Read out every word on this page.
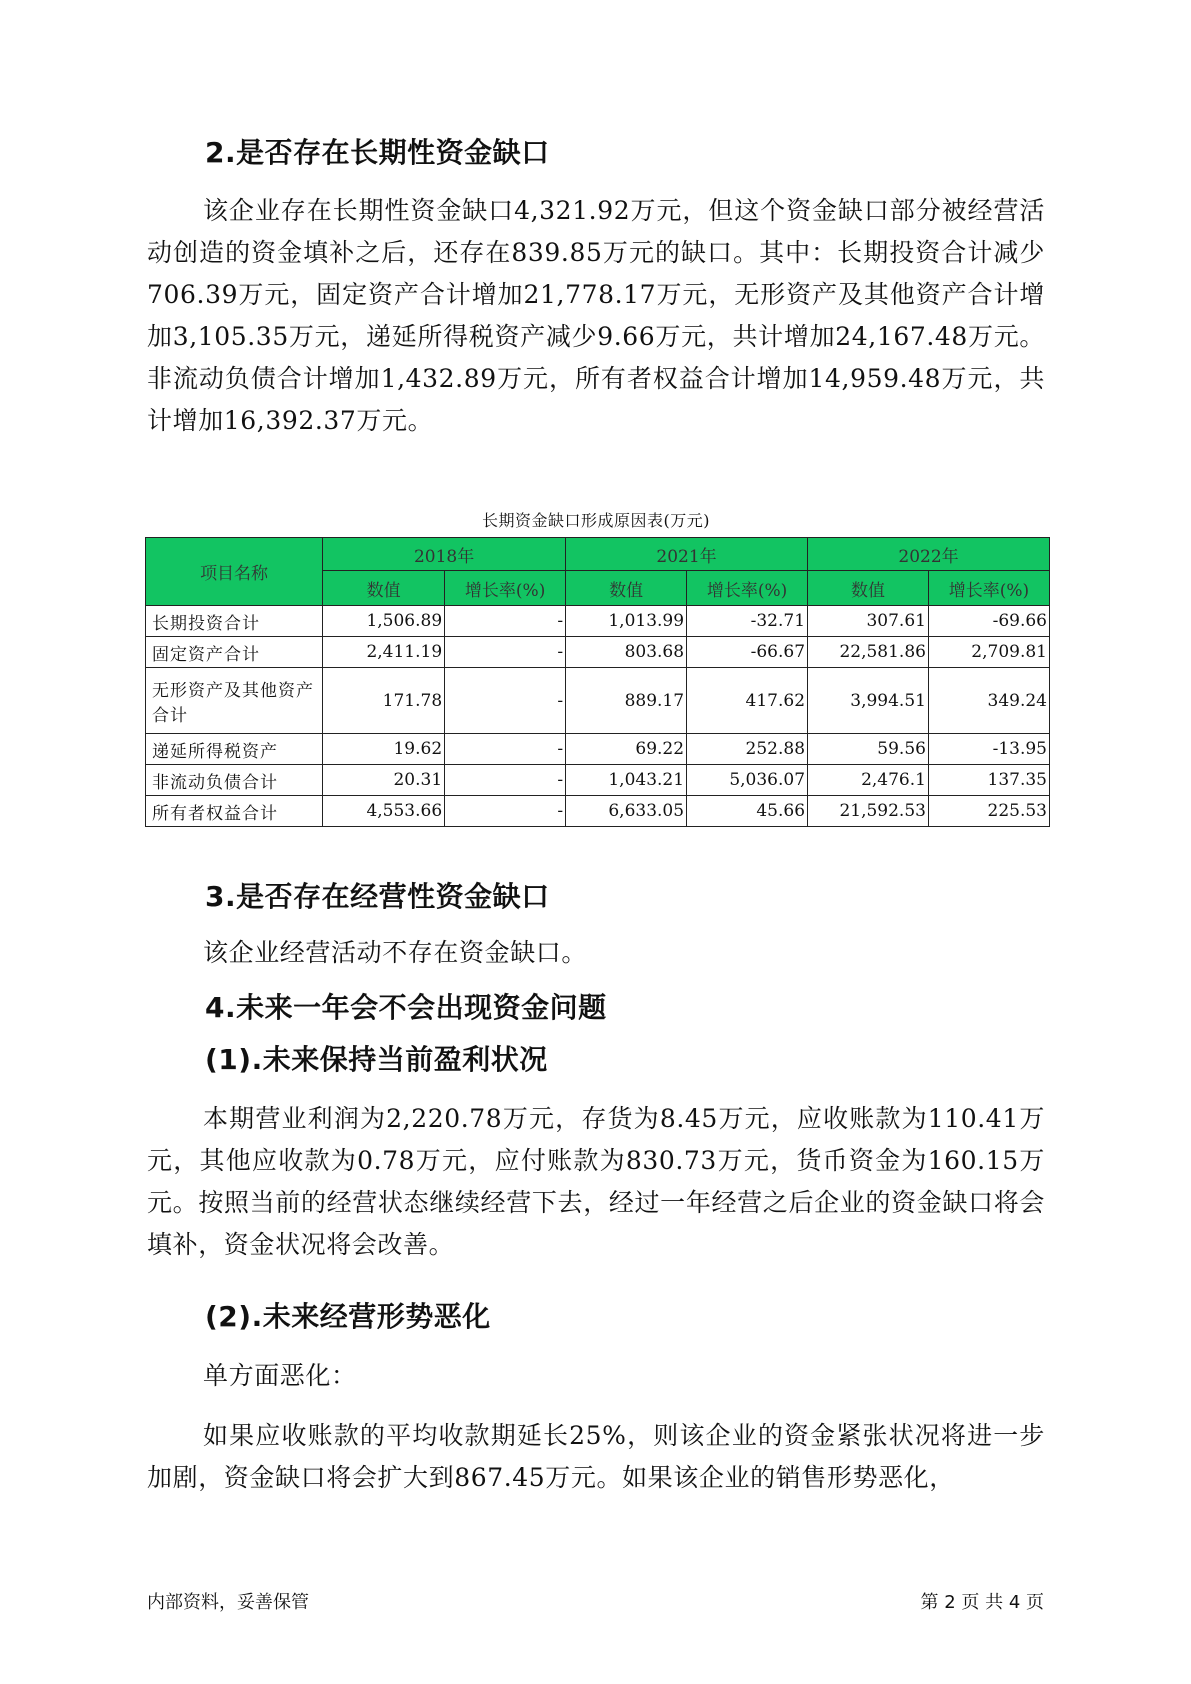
2.是否存在长期性资金缺口

该企业存在长期性资金缺口4,321.92万元，但这个资金缺口部分被经营活动创造的资金填补之后，还存在839.85万元的缺口。其中：长期投资合计减少706.39万元，固定资产合计增加21,778.17万元，无形资产及其他资产合计增加3,105.35万元，递延所得税资产减少9.66万元，共计增加24,167.48万元。非流动负债合计增加1,432.89万元，所有者权益合计增加14,959.48万元，共计增加16,392.37万元。

长期资金缺口形成原因表(万元)
项目名称	2018年		2021年		2022年	
	数值	增长率(%)	数值	增长率(%)	数值	增长率(%)
长期投资合计	1,506.89	-	1,013.99	-32.71	307.61	-69.66
固定资产合计	2,411.19	-	803.68	-66.67	22,581.86	2,709.81
无形资产及其他资产合计	171.78	-	889.17	417.62	3,994.51	349.24
递延所得税资产	19.62	-	69.22	252.88	59.56	-13.95
非流动负债合计	20.31	-	1,043.21	5,036.07	2,476.1	137.35
所有者权益合计	4,553.66	-	6,633.05	45.66	21,592.53	225.53
3.是否存在经营性资金缺口

该企业经营活动不存在资金缺口。

4.未来一年会不会出现资金问题
(1).未来保持当前盈利状况

本期营业利润为2,220.78万元，存货为8.45万元，应收账款为110.41万元，其他应收款为0.78万元，应付账款为830.73万元，货币资金为160.15万元。按照当前的经营状态继续经营下去，经过一年经营之后企业的资金缺口将会填补，资金状况将会改善。

(2).未来经营形势恶化

单方面恶化：

如果应收账款的平均收款期延长25%，则该企业的资金紧张状况将进一步加剧，资金缺口将会扩大到867.45万元。如果该企业的销售形势恶化，

内部资料，妥善保管	第 2 页 共 4 页
